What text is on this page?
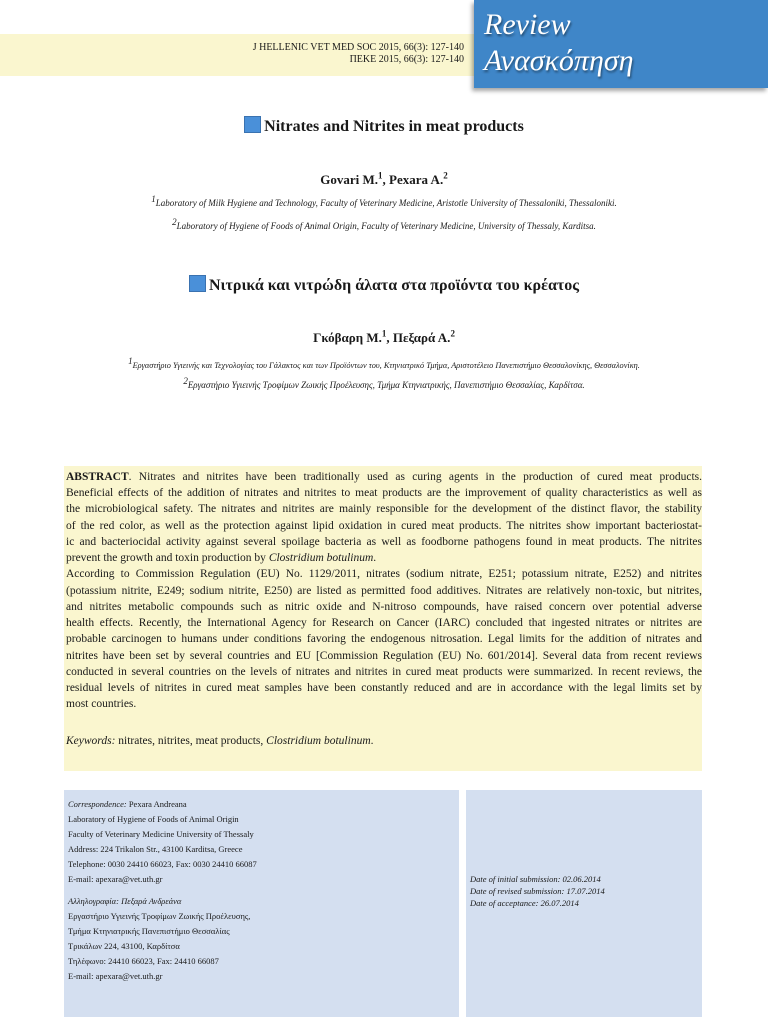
J HELLENIC VET MED SOC 2015, 66(3): 127-140
ΠΕΚΕ 2015, 66(3): 127-140
Review
Ανασκόπηση
Nitrates and Nitrites in meat products
Govari M.$^1$, Pexara A.$^2$
1Laboratory of Milk Hygiene and Technology, Faculty of Veterinary Medicine, Aristotle University of Thessaloniki, Thessaloniki.
2Laboratory of Hygiene of Foods of Animal Origin, Faculty of Veterinary Medicine, University of Thessaly, Karditsa.
Νιτρικά και νιτρώδη άλατα στα προϊόντα του κρέατος
Γκόβαρη Μ.$^1$, Πεξαρά Α.$^2$
1Εργαστήριο Υγιεινής και Τεχνολογίας του Γάλακτος και των Προϊόντων του, Κτηνιατρικό Τμήμα, Αριστοτέλειο Πανεπιστήμιο Θεσσαλονίκης, Θεσσαλονίκη.
2Εργαστήριο Υγιεινής Τροφίμων Ζωικής Προέλευσης, Τμήμα Κτηνιατρικής, Πανεπιστήμιο Θεσσαλίας, Καρδίτσα.
ABSTRACT. Nitrates and nitrites have been traditionally used as curing agents in the production of cured meat products.
Beneficial effects of the addition of nitrates and nitrites to meat products are the improvement of quality characteristics as well as
the microbiological safety. The nitrates and nitrites are mainly responsible for the development of the distinct flavor, the stability
of the red color, as well as the protection against lipid oxidation in cured meat products. The nitrites show important bacteriostat-
ic and bacteriocidal activity against several spoilage bacteria as well as foodborne pathogens found in meat products. The nitrites
prevent the growth and toxin production by Clostridium botulinum.
According to Commission Regulation (EU) No. 1129/2011, nitrates (sodium nitrate, E251; potassium nitrate, E252) and nitrites
(potassium nitrite, E249; sodium nitrite, E250) are listed as permitted food additives. Nitrates are relatively non-toxic, but nitrites,
and nitrites metabolic compounds such as nitric oxide and N-nitroso compounds, have raised concern over potential adverse
health effects. Recently, the International Agency for Research on Cancer (IARC) concluded that ingested nitrates or nitrites are
probable carcinogen to humans under conditions favoring the endogenous nitrosation. Legal limits for the addition of nitrates and
nitrites have been set by several countries and EU [Commission Regulation (EU) No. 601/2014]. Several data from recent reviews
conducted in several countries on the levels of nitrates and nitrites in cured meat products were summarized. In recent reviews, the
residual levels of nitrites in cured meat samples have been constantly reduced and are in accordance with the legal limits set by
most countries.
Keywords: nitrates, nitrites, meat products, Clostridium botulinum.
Correspondence: Pexara Andreana
Laboratory of Hygiene of Foods of Animal Origin
Faculty of Veterinary Medicine University of Thessaly
Address: 224 Trikalon Str., 43100 Karditsa, Greece
Telephone: 0030 24410 66023, Fax: 0030 24410 66087
E-mail: apexara@vet.uth.gr
Αλληλογραφία: Πεξαρά Ανδρεάνα
Εργαστήριο Υγιεινής Τροφίμων Ζωικής Προέλευσης,
Τμήμα Κτηνιατρικής Πανεπιστήμιο Θεσσαλίας
Τρικάλων 224, 43100, Καρδίτσα
Τηλέφωνο: 24410 66023, Fax: 24410 66087
E-mail: apexara@vet.uth.gr
Date of initial submission: 02.06.2014
Date of revised submission: 17.07.2014
Date of acceptance: 26.07.2014
